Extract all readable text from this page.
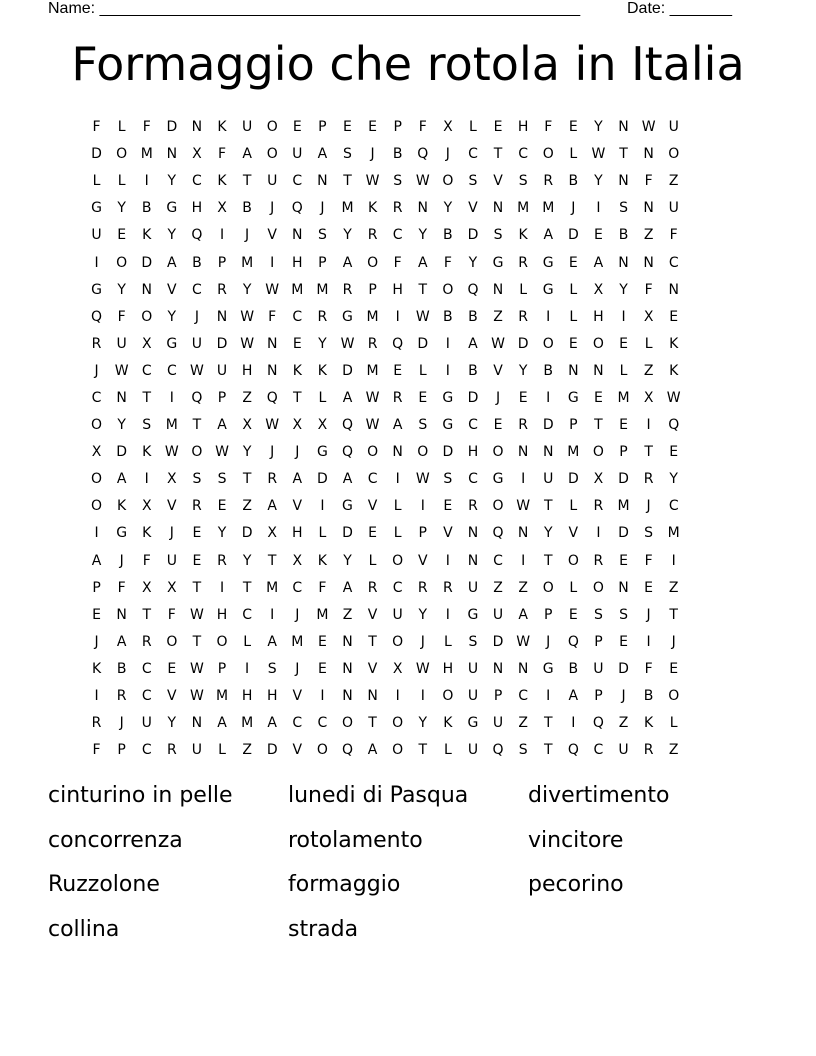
Name: ______________________________________________________	Date: _______
Formaggio che rotola in Italia
F	L	F	D	N	K	U	O	E	P	E	E	P	F	X	L	E	H	F	E	Y	N W U
D	O M N	X	F	A	O	U	A	S	J	B	Q	J	C	T	C	O	L	W T	N	O
L	L	I	Y	C	K	T	U	C	N	T W S W O	S	V	S	R	B	Y	N	F	Z
G	Y	B	G	H	X	B	J	Q	J	M	K	R	N	Y	V	N M M	J	I	S	N	U
U	E	K	Y	Q	I	J	V	N	S	Y	R	C	Y	B	D	S	K	A	D	E	B	Z	F
I	O	D	A	B	P	M	I	H	P	A	O	F	A	F	Y	G	R	G	E	A	N	N	C
G	Y	N	V	C	R	Y W M M	R	P	H	T	O	Q	N	L	G	L	X	Y	F	N
Q	F	O	Y	J	N W	F	C	R	G M	I	W B	B	Z	R	I	L	H	I	X	E
R	U	X	G	U	D W N	E	Y W R	Q	D	I	A W D	O	E	O	E	L	K
J	W C	C W U	H	N	K	K	D M	E	L	I	B	V	Y	B	N	N	L	Z	K
C	N	T	I	Q	P	Z	Q	T	L	A W R	E	G	D	J	E	I	G	E	M	X W
O	Y	S	M	T	A	X W X	X	Q W A	S	G	C	E	R	D	P	T	E	I	Q
X	D	K W O W Y	J	J	G	Q	O	N	O	D	H	O	N	N M O	P	T	E
O	A	I	X	S	S	T	R	A	D	A	C	I	W S	C	G	I	U	D	X	D	R	Y
O	K	X	V	R	E	Z	A	V	I	G	V	L	I	E	R	O W T	L	R	M	J	C
I	G	K	J	E	Y	D	X	H	L	D	E	L	P	V	N	Q	N	Y	V	I	D	S	M
A	J	F	U	E	R	Y	T	X	K	Y	L	O	V	I	N	C	I	T	O	R	E	F	I
P	F	X	X	T	I	T	M	C	F	A	R	C	R	R	U	Z	Z	O	L	O	N	E	Z
E	N	T	F	W H	C	I	J	M	Z	V	U	Y	I	G	U	A	P	E	S	S	J	T
J	A	R	O	T	O	L	A	M	E	N	T	O	J	L	S	D W	J	Q	P	E	I	J
K	B	C	E W P	I	S	J	E	N	V	X W H	U	N	N	G	B	U	D	F	E
I	R	C	V W M H	H	V	I	N	N	I	I	O	U	P	C	I	A	P	J	B	O
R	J	U	Y	N	A	M	A	C	C	O	T	O	Y	K	G	U	Z	T	I	Q	Z	K	L
F	P	C	R	U	L	Z	D	V	O	Q	A	O	T	L	U	Q	S	T	Q	C	U	R	Z
cinturino in pelle	lunedi di Pasqua	divertimento
concorrenza	rotolamento	vincitore
Ruzzolone	formaggio	pecorino
collina	strada
